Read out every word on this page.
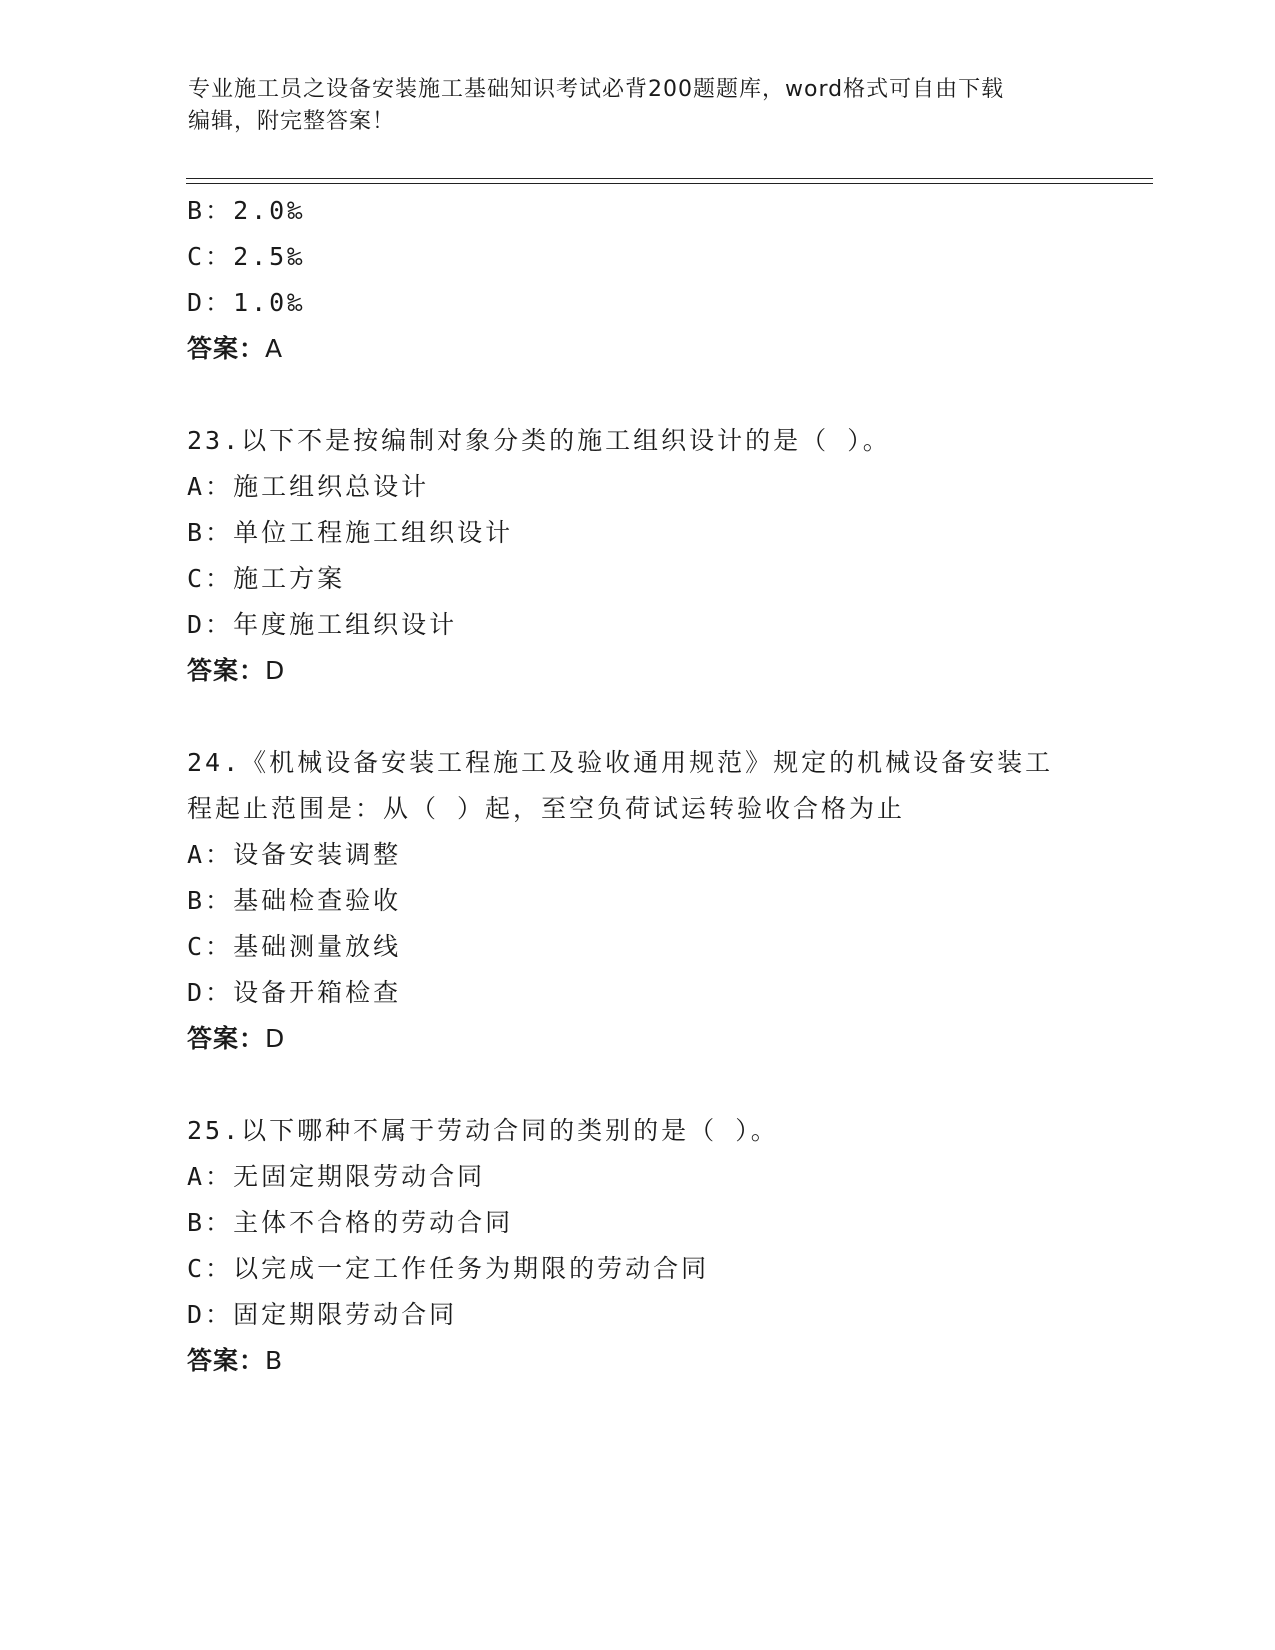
专业施工员之设备安装施工基础知识考试必背200题题库，word格式可自由下载
编辑，附完整答案！
B：2.0‰
C：2.5‰
D：1.0‰
答案：A
23.以下不是按编制对象分类的施工组织设计的是（ ）。
A：施工组织总设计
B：单位工程施工组织设计
C：施工方案
D：年度施工组织设计
答案：D
24.《机械设备安装工程施工及验收通用规范》规定的机械设备安装工
程起止范围是：从（ ）起，至空负荷试运转验收合格为止
A：设备安装调整
B：基础检查验收
C：基础测量放线
D：设备开箱检查
答案：D
25.以下哪种不属于劳动合同的类别的是（ ）。
A：无固定期限劳动合同
B：主体不合格的劳动合同
C：以完成一定工作任务为期限的劳动合同
D：固定期限劳动合同
答案：B
